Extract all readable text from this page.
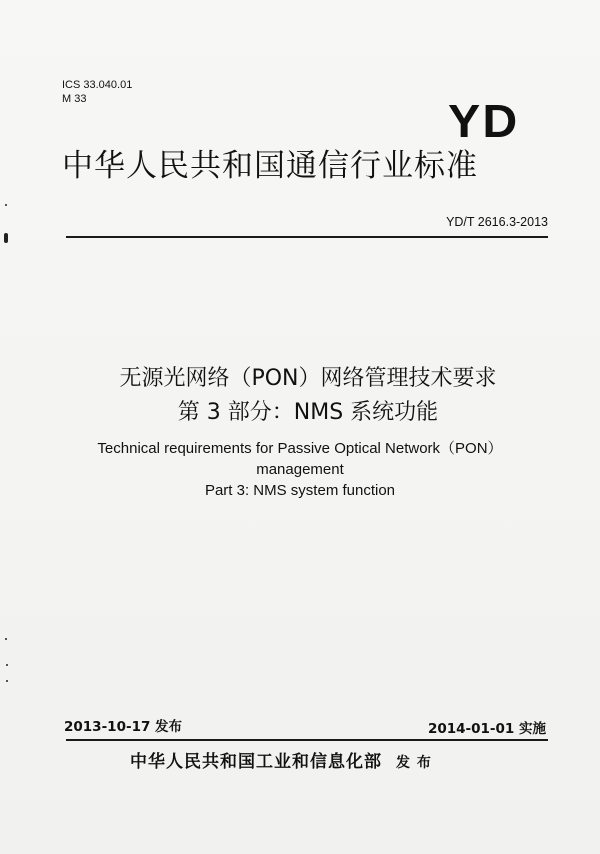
ICS 33.040.01
M 33	YD
中华人民共和国通信行业标准
YD/T 2616.3-2013
无源光网络（PON）网络管理技术要求
第 3 部分：NMS 系统功能
Technical requirements for Passive Optical Network（PON）
management
Part 3: NMS system function
2013-10-17 发布	2014-01-01 实施
中华人民共和国工业和信息化部 发 布
